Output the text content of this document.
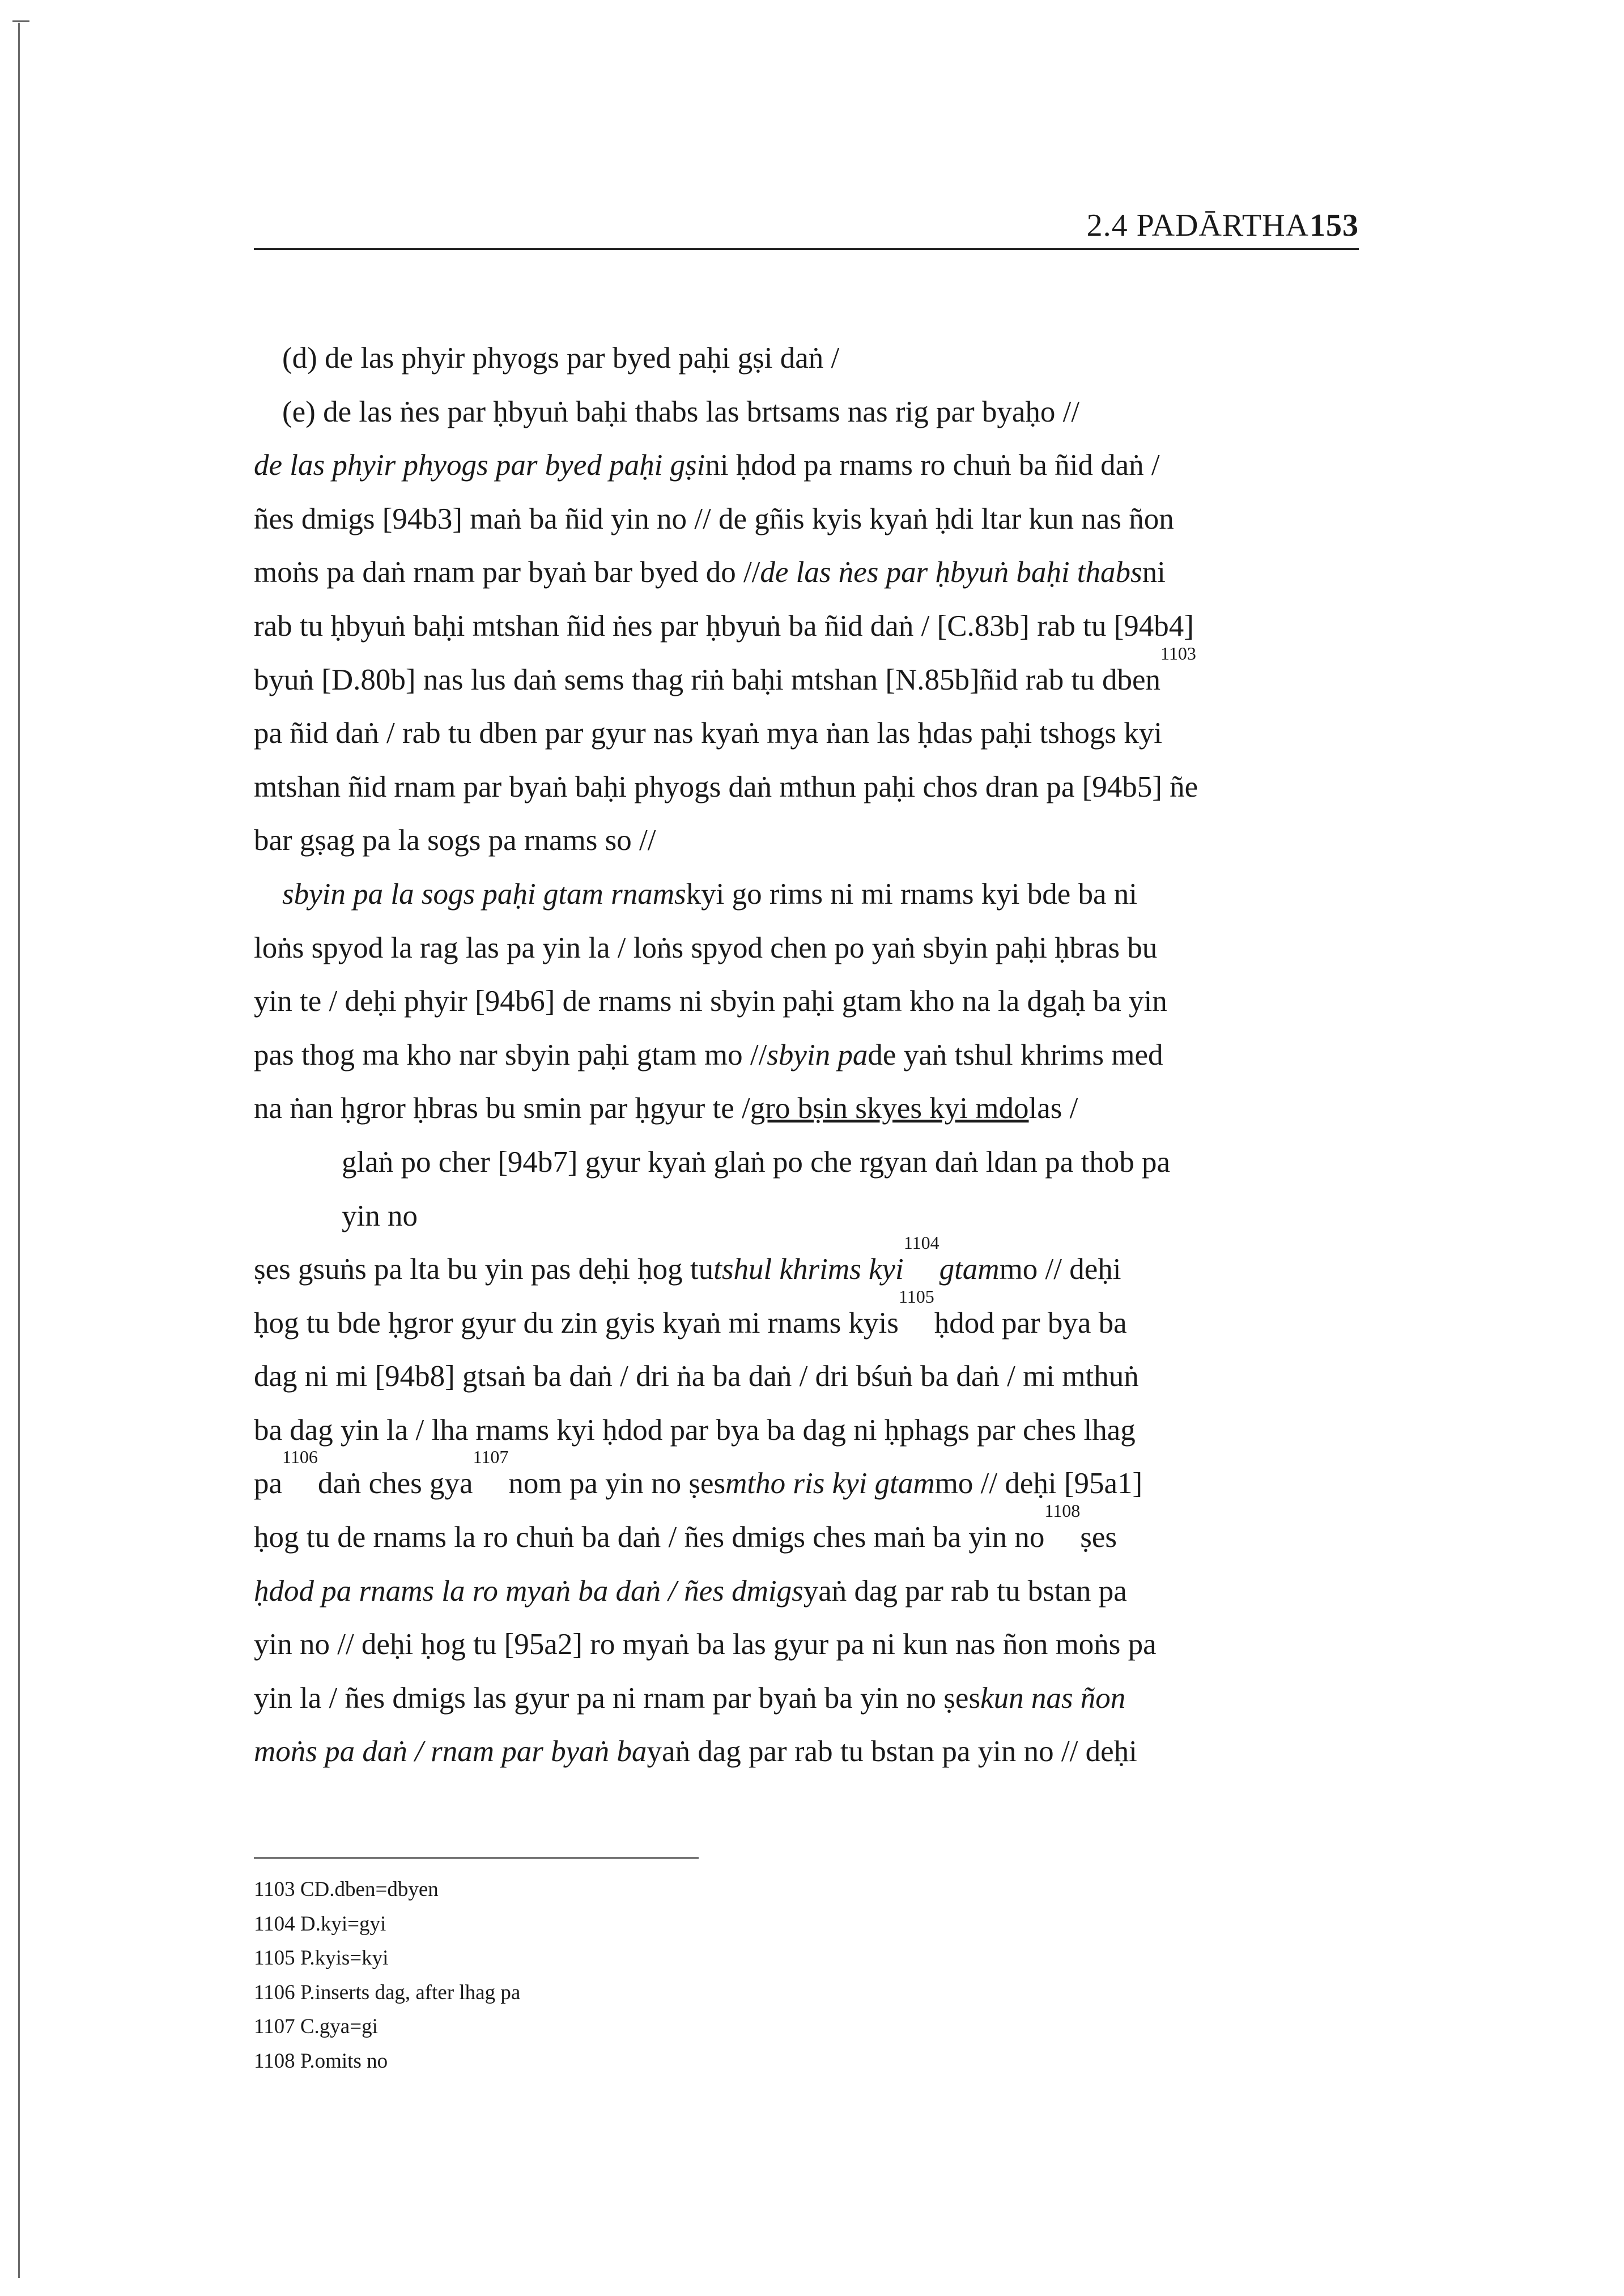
2.4 PADĀRTHA 153
(d) de las phyir phyogs par byed paḥi gṣi daṅ /
(e) de las ṅes par ḥbyuṅ baḥi thabs las brtsams nas rig par byaḥo //
de las phyir phyogs par byed paḥi gṣi ni ḥdod pa rnams ro chuṅ ba ñid daṅ /
ñes dmigs [94b3] maṅ ba ñid yin no // de gñis kyis kyaṅ ḥdi ltar kun nas ñon
moṅs pa daṅ rnam par byaṅ bar byed do // de las ṅes par ḥbyuṅ baḥi thabs ni
rab tu ḥbyuṅ baḥi mtshan ñid ṅes par ḥbyuṅ ba ñid daṅ / [C.83b] rab tu [94b4]
byuṅ [D.80b] nas lus daṅ sems thag riṅ baḥi mtshan [N.85b]ñid rab tu dben
1103
pa ñid daṅ / rab tu dben par gyur nas kyaṅ mya ṅan las ḥdas paḥi tshogs kyi
mtshan ñid rnam par byaṅ baḥi phyogs daṅ mthun paḥi chos dran pa [94b5] ñe
bar gṣag pa la sogs pa rnams so //
sbyin pa la sogs paḥi gtam rnams kyi go rims ni mi rnams kyi bde ba ni
loṅs spyod la rag las pa yin la / loṅs spyod chen po yaṅ sbyin paḥi ḥbras bu
yin te / deḥi phyir [94b6] de rnams ni sbyin paḥi gtam kho na la dgaḥ ba yin
pas thog ma kho nar sbyin paḥi gtam mo // sbyin pa de yaṅ tshul khrims med
na ṅan ḥgror ḥbras bu smin par ḥgyur te / gro bṣin skyes kyi mdo las /
glaṅ po cher [94b7] gyur kyaṅ glaṅ po che rgyan daṅ ldan pa thob pa
yin no
ṣes gsuṅs pa lta bu yin pas deḥi ḥog tu tshul khrims kyi
1104
gtam mo // deḥi
ḥog tu bde ḥgror gyur du zin gyis kyaṅ mi rnams kyis
1105
ḥdod par bya ba
dag ni mi [94b8] gtsaṅ ba daṅ / dri ṅa ba daṅ / dri bśuṅ ba daṅ / mi mthuṅ
ba dag yin la / lha rnams kyi ḥdod par bya ba dag ni ḥphags par ches lhag
pa
1106
daṅ ches gya
1107
nom pa yin no ṣes mtho ris kyi gtam mo // deḥi [95a1]
ḥog tu de rnams la ro chuṅ ba daṅ / ñes dmigs ches maṅ ba yin no
1108
ṣes
ḥdod pa rnams la ro myaṅ ba daṅ / ñes dmigs yaṅ dag par rab tu bstan pa
yin no // deḥi ḥog tu [95a2] ro myaṅ ba las gyur pa ni kun nas ñon moṅs pa
yin la / ñes dmigs las gyur pa ni rnam par byaṅ ba yin no ṣes kun nas ñon
moṅs pa daṅ / rnam par byaṅ ba yaṅ dag par rab tu bstan pa yin no // deḥi
1103 CD.dben=dbyen
1104 D.kyi=gyi
1105 P.kyis=kyi
1106 P.inserts dag, after lhag pa
1107 C.gya=gi
1108 P.omits no
